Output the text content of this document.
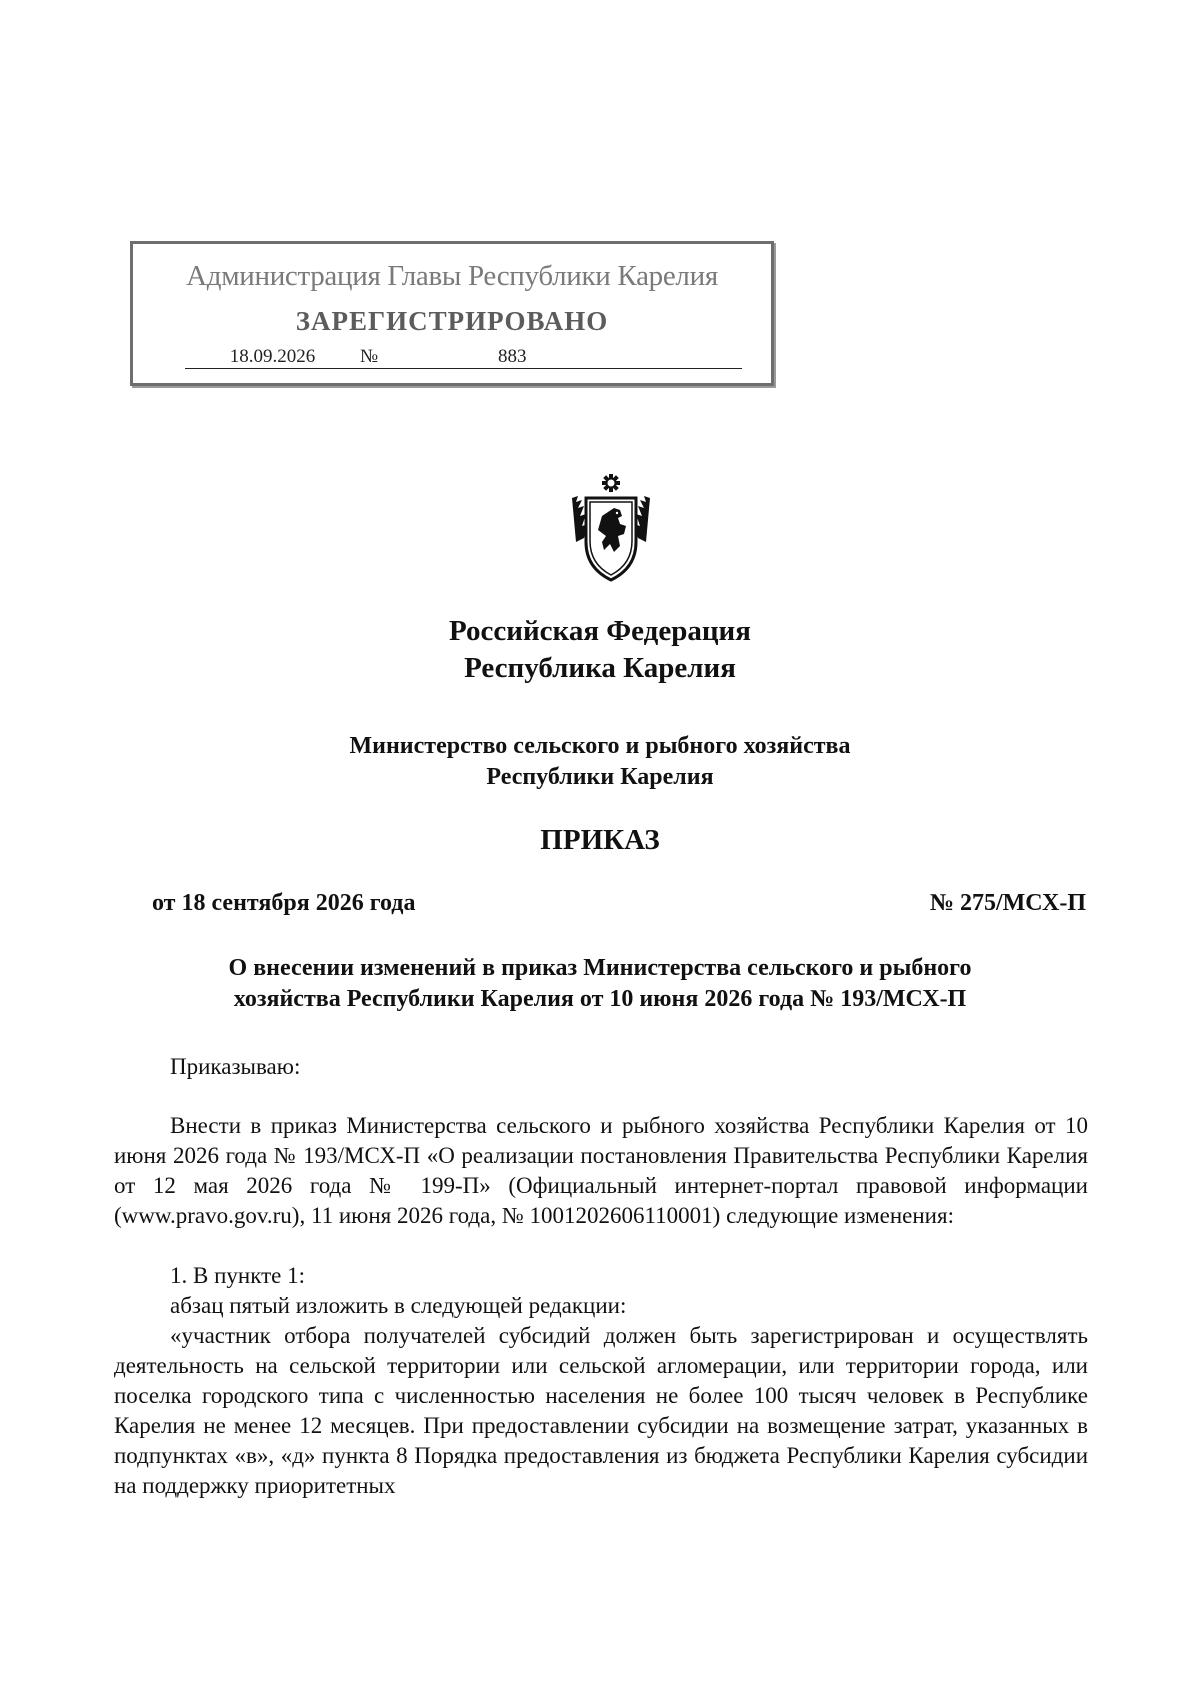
Администрация Главы Республики Карелия
ЗАРЕГИСТРИРОВАНО
18.09.2026	№	883
Российская Федерация
Республика Карелия
Министерство сельского и рыбного хозяйства
Республики Карелия
ПРИКАЗ
от 18 сентября 2026 года	№ 275/МСХ-П
О внесении изменений в приказ Министерства сельского и рыбного
хозяйства Республики Карелия от 10 июня 2026 года № 193/МСХ-П
Приказываю:
Внести в приказ Министерства сельского и рыбного хозяйства Республики Карелия от 10 июня 2026 года № 193/МСХ-П «О реализации постановления Правительства Республики Карелия от 12 мая 2026 года № 199-П» (Официальный интернет-портал правовой информации (www.pravo.gov.ru), 11 июня 2026 года, № 1001202606110001) следующие изменения:
1. В пункте 1:
абзац пятый изложить в следующей редакции:
«участник отбора получателей субсидий должен быть зарегистрирован и осуществлять деятельность на сельской территории или сельской агломерации, или территории города, или поселка городского типа с численностью населения не более 100 тысяч человек в Республике Карелия не менее 12 месяцев. При предоставлении субсидии на возмещение затрат, указанных в подпунктах «в», «д» пункта 8 Порядка предоставления из бюджета Республики Карелия субсидии на поддержку приоритетных
